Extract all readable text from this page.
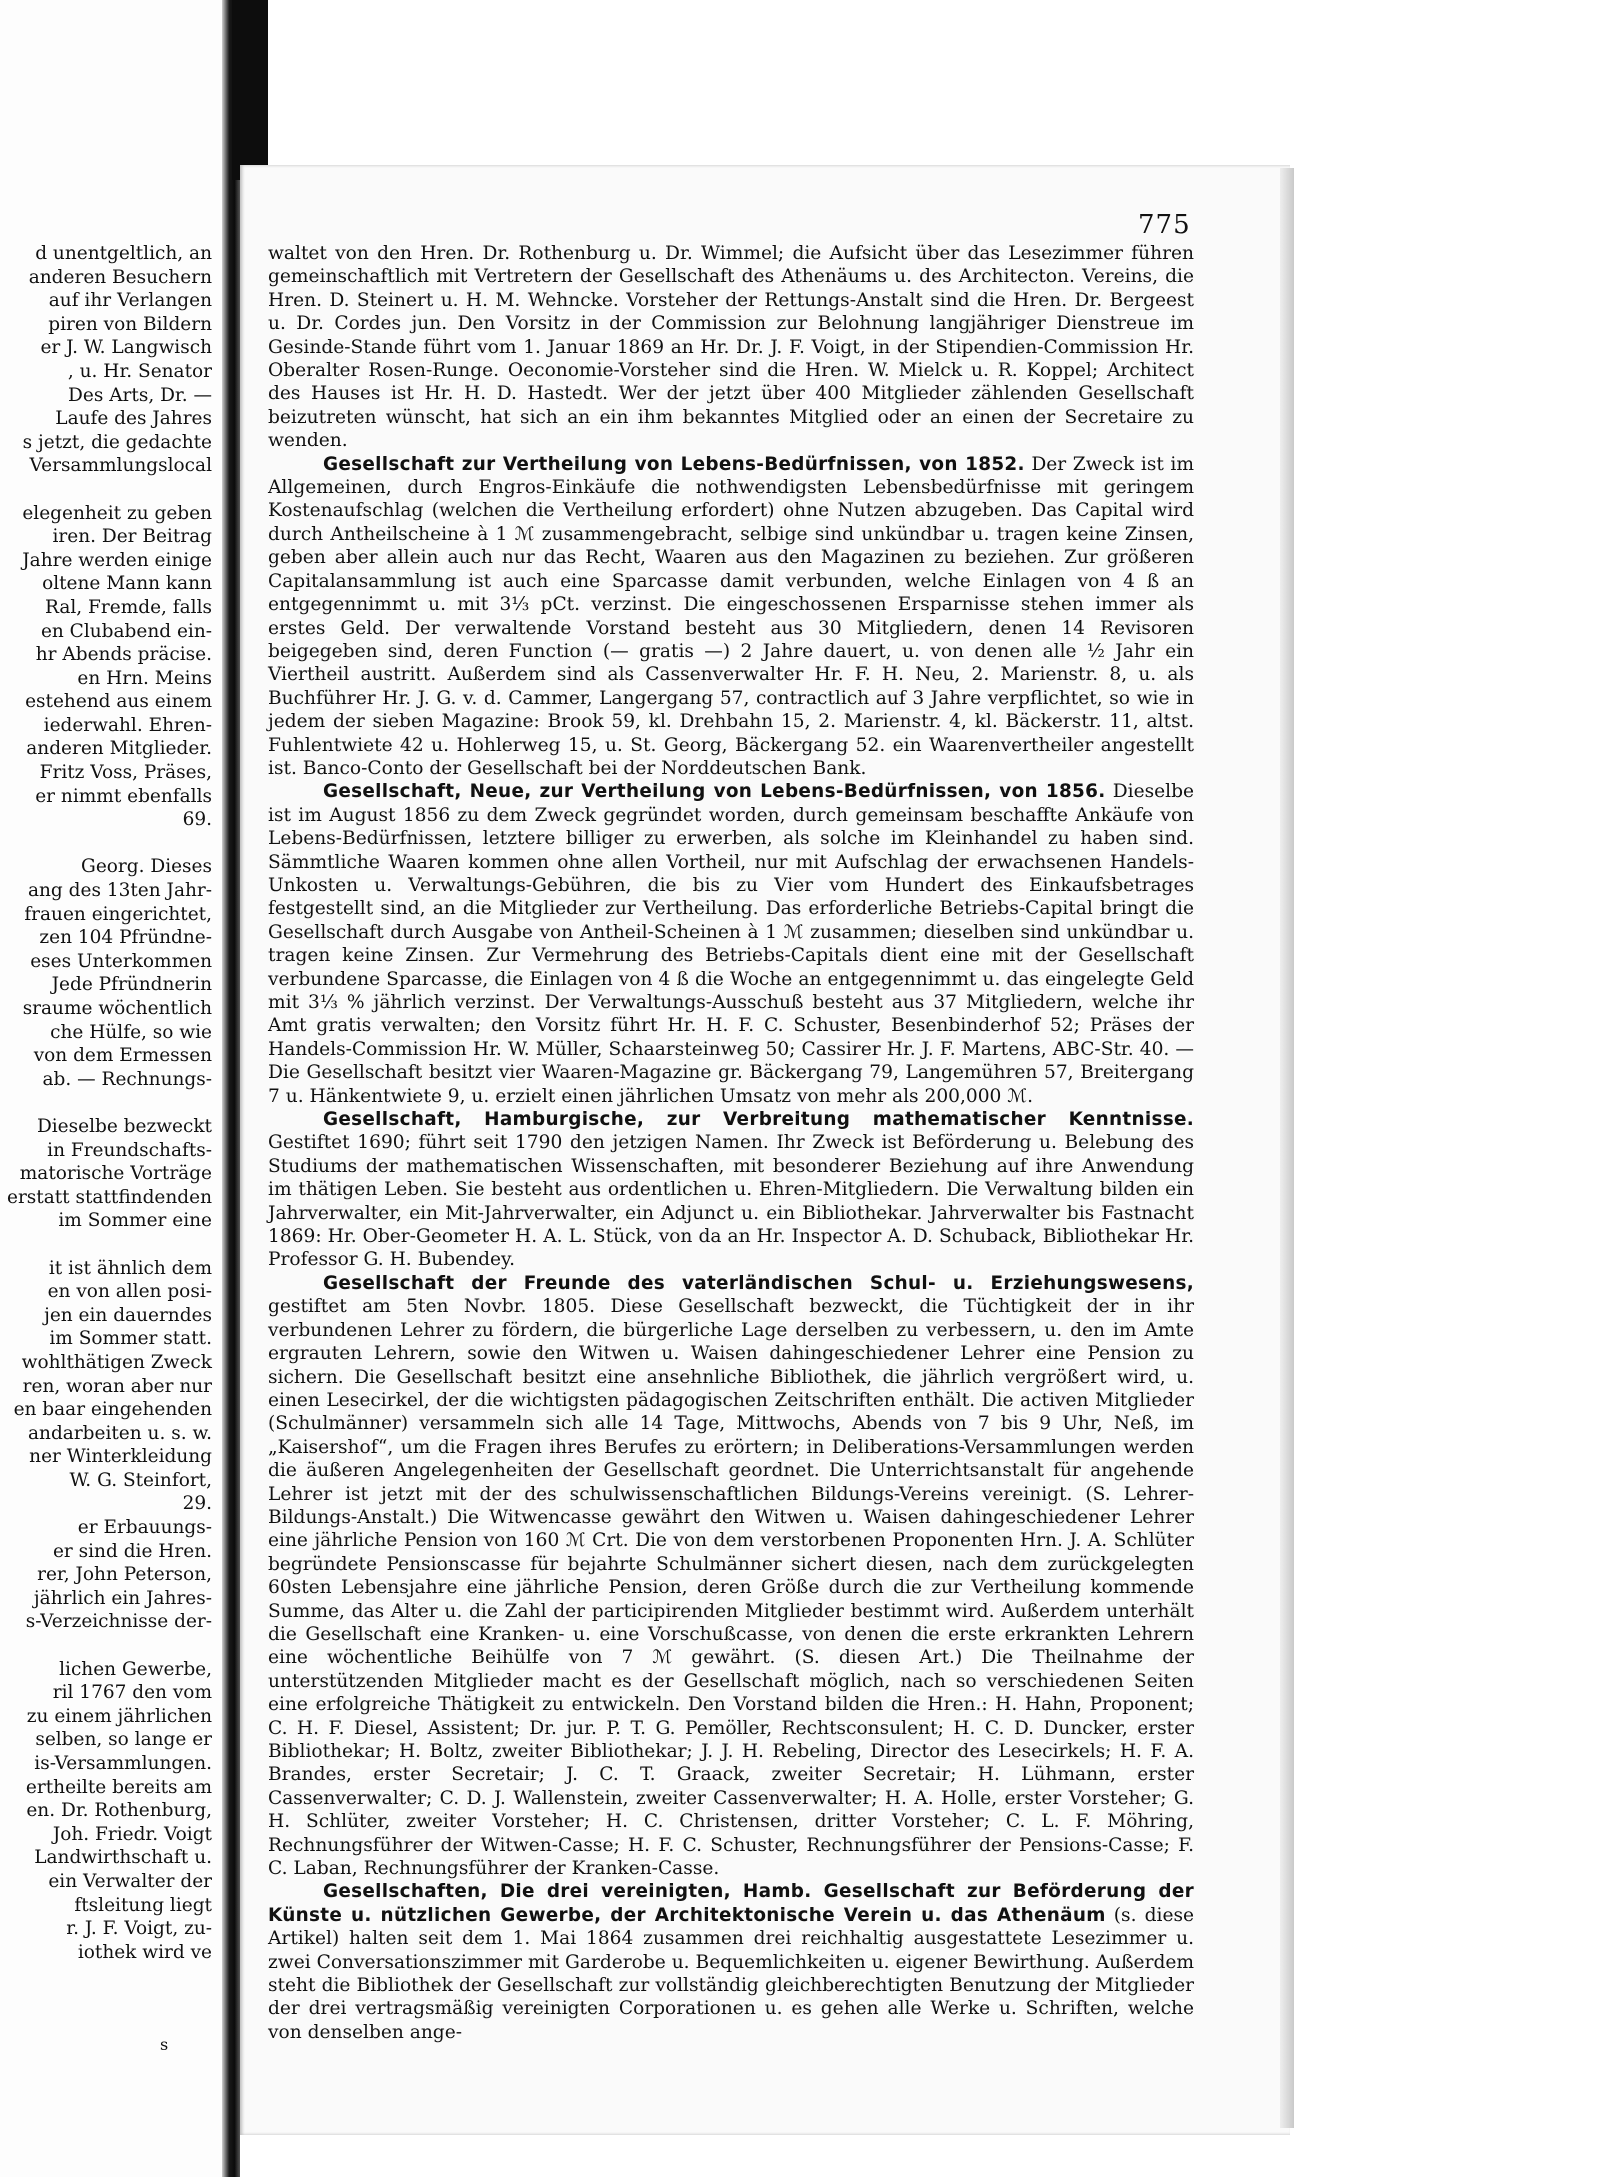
d unentgeltlich, an
anderen Besuchern
auf ihr Verlangen
piren von Bildern
er J. W. Langwisch
, u. Hr. Senator
Des Arts, Dr. —
Laufe des Jahres
s jetzt, die gedachte
Versammlungslocal
elegenheit zu geben
iren. Der Beitrag
Jahre werden einige
oltene Mann kann
Ral, Fremde, falls
en Clubabend ein-
hr Abends präcise.
en Hrn. Meins
estehend aus einem
iederwahl. Ehren-
anderen Mitglieder.
Fritz Voss, Präses,
er nimmt ebenfalls
69.
Georg. Dieses
ang des 13ten Jahr-
frauen eingerichtet,
zen 104 Pfründne-
eses Unterkommen
Jede Pfründnerin
sraume wöchentlich
che Hülfe, so wie
von dem Ermessen
ab. — Rechnungs-
Dieselbe bezweckt
in Freundschafts-
matorische Vorträge
erstatt stattfindenden
im Sommer eine
it ist ähnlich dem
en von allen posi-
jen ein dauerndes
im Sommer statt.
wohlthätigen Zweck
ren, woran aber nur
en baar eingehenden
andarbeiten u. s. w.
ner Winterkleidung
W. G. Steinfort,
29.
er Erbauungs-
er sind die Hren.
rer, John Peterson,
jährlich ein Jahres-
s-Verzeichnisse der-
lichen Gewerbe,
ril 1767 den vom
zu einem jährlichen
selben, so lange er
is-Versammlungen.
ertheilte bereits am
en. Dr. Rothenburg,
Joh. Friedr. Voigt
Landwirthschaft u.
ein Verwalter der
ftsleitung liegt
r. J. F. Voigt, zu-
iothek wird ve
775

waltet von den Hren. Dr. Rothenburg u. Dr. Wimmel; die Aufsicht über das Lesezimmer führen gemeinschaftlich mit Vertretern der Gesellschaft des Athenäums u. des Architecton. Vereins, die Hren. D. Steinert u. H. M. Wehncke. Vorsteher der Rettungs-Anstalt sind die Hren. Dr. Bergeest u. Dr. Cordes jun. Den Vorsitz in der Commission zur Belohnung langjähriger Dienstreue im Gesinde-Stande führt vom 1. Januar 1869 an Hr. Dr. J. F. Voigt, in der Stipendien-Commission Hr. Oberalter Rosen-Runge. Oeconomie-Vorsteher sind die Hren. W. Mielck u. R. Koppel; Architect des Hauses ist Hr. H. D. Hastedt. Wer der jetzt über 400 Mitglieder zählenden Gesellschaft beizutreten wünscht, hat sich an ein ihm bekanntes Mitglied oder an einen der Secretaire zu wenden.

Gesellschaft zur Vertheilung von Lebens-Bedürfnissen, von 1852. Der Zweck ist im Allgemeinen, durch Engros-Einkäufe die nothwendigsten Lebensbedürfnisse mit geringem Kostenaufschlag (welchen die Vertheilung erfordert) ohne Nutzen abzugeben. Das Capital wird durch Antheilscheine à 1 ℳ zusammengebracht, selbige sind unkündbar u. tragen keine Zinsen, geben aber allein auch nur das Recht, Waaren aus den Magazinen zu beziehen. Zur größeren Capitalansammlung ist auch eine Sparcasse damit verbunden, welche Einlagen von 4 ß an entgegennimmt u. mit 3⅓ pCt. verzinst. Die eingeschossenen Ersparnisse stehen immer als erstes Geld. Der verwaltende Vorstand besteht aus 30 Mitgliedern, denen 14 Revisoren beigegeben sind, deren Function (— gratis —) 2 Jahre dauert, u. von denen alle ½ Jahr ein Viertheil austritt. Außerdem sind als Cassenverwalter Hr. F. H. Neu, 2. Marienstr. 8, u. als Buchführer Hr. J. G. v. d. Cammer, Langergang 57, contractlich auf 3 Jahre verpflichtet, so wie in jedem der sieben Magazine: Brook 59, kl. Drehbahn 15, 2. Marienstr. 4, kl. Bäckerstr. 11, altst. Fuhlentwiete 42 u. Hohlerweg 15, u. St. Georg, Bäckergang 52. ein Waarenvertheiler angestellt ist. Banco-Conto der Gesellschaft bei der Norddeutschen Bank.

Gesellschaft, Neue, zur Vertheilung von Lebens-Bedürfnissen, von 1856. Dieselbe ist im August 1856 zu dem Zweck gegründet worden, durch gemeinsam beschaffte Ankäufe von Lebens-Bedürfnissen, letztere billiger zu erwerben, als solche im Kleinhandel zu haben sind. Sämmtliche Waaren kommen ohne allen Vortheil, nur mit Aufschlag der erwachsenen Handels-Unkosten u. Verwaltungs-Gebühren, die bis zu Vier vom Hundert des Einkaufsbetrages festgestellt sind, an die Mitglieder zur Vertheilung. Das erforderliche Betriebs-Capital bringt die Gesellschaft durch Ausgabe von Antheil-Scheinen à 1 ℳ zusammen; dieselben sind unkündbar u. tragen keine Zinsen. Zur Vermehrung des Betriebs-Capitals dient eine mit der Gesellschaft verbundene Sparcasse, die Einlagen von 4 ß die Woche an entgegennimmt u. das eingelegte Geld mit 3⅓ % jährlich verzinst. Der Verwaltungs-Ausschuß besteht aus 37 Mitgliedern, welche ihr Amt gratis verwalten; den Vorsitz führt Hr. H. F. C. Schuster, Besenbinderhof 52; Präses der Handels-Commission Hr. W. Müller, Schaarsteinweg 50; Cassirer Hr. J. F. Martens, ABC-Str. 40. — Die Gesellschaft besitzt vier Waaren-Magazine gr. Bäckergang 79, Langemühren 57, Breitergang 7 u. Hänkentwiete 9, u. erzielt einen jährlichen Umsatz von mehr als 200,000 ℳ.

Gesellschaft, Hamburgische, zur Verbreitung mathematischer Kenntnisse. Gestiftet 1690; führt seit 1790 den jetzigen Namen. Ihr Zweck ist Beförderung u. Belebung des Studiums der mathematischen Wissenschaften, mit besonderer Beziehung auf ihre Anwendung im thätigen Leben. Sie besteht aus ordentlichen u. Ehren-Mitgliedern. Die Verwaltung bilden ein Jahrverwalter, ein Mit-Jahrverwalter, ein Adjunct u. ein Bibliothekar. Jahrverwalter bis Fastnacht 1869: Hr. Ober-Geometer H. A. L. Stück, von da an Hr. Inspector A. D. Schuback, Bibliothekar Hr. Professor G. H. Bubendey.

Gesellschaft der Freunde des vaterländischen Schul- u. Erziehungswesens, gestiftet am 5ten Novbr. 1805. Diese Gesellschaft bezweckt, die Tüchtigkeit der in ihr verbundenen Lehrer zu fördern, die bürgerliche Lage derselben zu verbessern, u. den im Amte ergrauten Lehrern, sowie den Witwen u. Waisen dahingeschiedener Lehrer eine Pension zu sichern. Die Gesellschaft besitzt eine ansehnliche Bibliothek, die jährlich vergrößert wird, u. einen Lesecirkel, der die wichtigsten pädagogischen Zeitschriften enthält. Die activen Mitglieder (Schulmänner) versammeln sich alle 14 Tage, Mittwochs, Abends von 7 bis 9 Uhr, Neß, im „Kaisershof“, um die Fragen ihres Berufes zu erörtern; in Deliberations-Versammlungen werden die äußeren Angelegenheiten der Gesellschaft geordnet. Die Unterrichtsanstalt für angehende Lehrer ist jetzt mit der des schulwissenschaftlichen Bildungs-Vereins vereinigt. (S. Lehrer-Bildungs-Anstalt.) Die Witwencasse gewährt den Witwen u. Waisen dahingeschiedener Lehrer eine jährliche Pension von 160 ℳ Crt. Die von dem verstorbenen Proponenten Hrn. J. A. Schlüter begründete Pensionscasse für bejahrte Schulmänner sichert diesen, nach dem zurückgelegten 60sten Lebensjahre eine jährliche Pension, deren Größe durch die zur Vertheilung kommende Summe, das Alter u. die Zahl der participirenden Mitglieder bestimmt wird. Außerdem unterhält die Gesellschaft eine Kranken- u. eine Vorschußcasse, von denen die erste erkrankten Lehrern eine wöchentliche Beihülfe von 7 ℳ gewährt. (S. diesen Art.) Die Theilnahme der unterstützenden Mitglieder macht es der Gesellschaft möglich, nach so verschiedenen Seiten eine erfolgreiche Thätigkeit zu entwickeln. Den Vorstand bilden die Hren.: H. Hahn, Proponent; C. H. F. Diesel, Assistent; Dr. jur. P. T. G. Pemöller, Rechtsconsulent; H. C. D. Duncker, erster Bibliothekar; H. Boltz, zweiter Bibliothekar; J. J. H. Rebeling, Director des Lesecirkels; H. F. A. Brandes, erster Secretair; J. C. T. Graack, zweiter Secretair; H. Lühmann, erster Cassenverwalter; C. D. J. Wallenstein, zweiter Cassenverwalter; H. A. Holle, erster Vorsteher; G. H. Schlüter, zweiter Vorsteher; H. C. Christensen, dritter Vorsteher; C. L. F. Möhring, Rechnungsführer der Witwen-Casse; H. F. C. Schuster, Rechnungsführer der Pensions-Casse; F. C. Laban, Rechnungsführer der Kranken-Casse.

Gesellschaften, Die drei vereinigten, Hamb. Gesellschaft zur Beförderung der Künste u. nützlichen Gewerbe, der Architektonische Verein u. das Athenäum (s. diese Artikel) halten seit dem 1. Mai 1864 zusammen drei reichhaltig ausgestattete Lesezimmer u. zwei Conversationszimmer mit Garderobe u. Bequemlichkeiten u. eigener Bewirthung. Außerdem steht die Bibliothek der Gesellschaft zur vollständig gleichberechtigten Benutzung der Mitglieder der drei vertragsmäßig vereinigten Corporationen u. es gehen alle Werke u. Schriften, welche von denselben ange-

s
